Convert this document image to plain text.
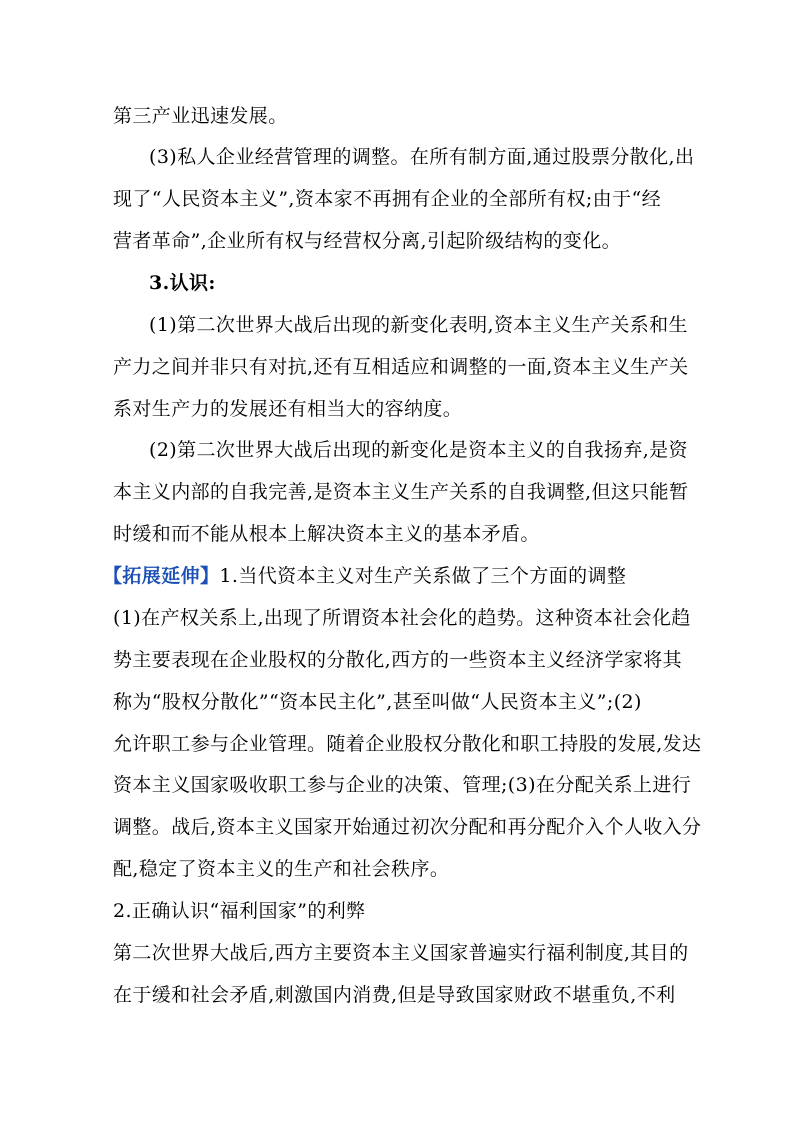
第三产业迅速发展。
(3)私人企业经营管理的调整。在所有制方面,通过股票分散化,出
现了“人民资本主义”,资本家不再拥有企业的全部所有权;由于“经
营者革命”,企业所有权与经营权分离,引起阶级结构的变化。
3.认识:
(1)第二次世界大战后出现的新变化表明,资本主义生产关系和生
产力之间并非只有对抗,还有互相适应和调整的一面,资本主义生产关
系对生产力的发展还有相当大的容纳度。
(2)第二次世界大战后出现的新变化是资本主义的自我扬弃,是资
本主义内部的自我完善,是资本主义生产关系的自我调整,但这只能暂
时缓和而不能从根本上解决资本主义的基本矛盾。
【拓展延伸】1.当代资本主义对生产关系做了三个方面的调整
(1)在产权关系上,出现了所谓资本社会化的趋势。这种资本社会化趋
势主要表现在企业股权的分散化,西方的一些资本主义经济学家将其
称为“股权分散化”“资本民主化”,甚至叫做“人民资本主义”;(2)
允许职工参与企业管理。随着企业股权分散化和职工持股的发展,发达
资本主义国家吸收职工参与企业的决策、管理;(3)在分配关系上进行
调整。战后,资本主义国家开始通过初次分配和再分配介入个人收入分
配,稳定了资本主义的生产和社会秩序。
2.正确认识“福利国家”的利弊
第二次世界大战后,西方主要资本主义国家普遍实行福利制度,其目的
在于缓和社会矛盾,刺激国内消费,但是导致国家财政不堪重负,不利
